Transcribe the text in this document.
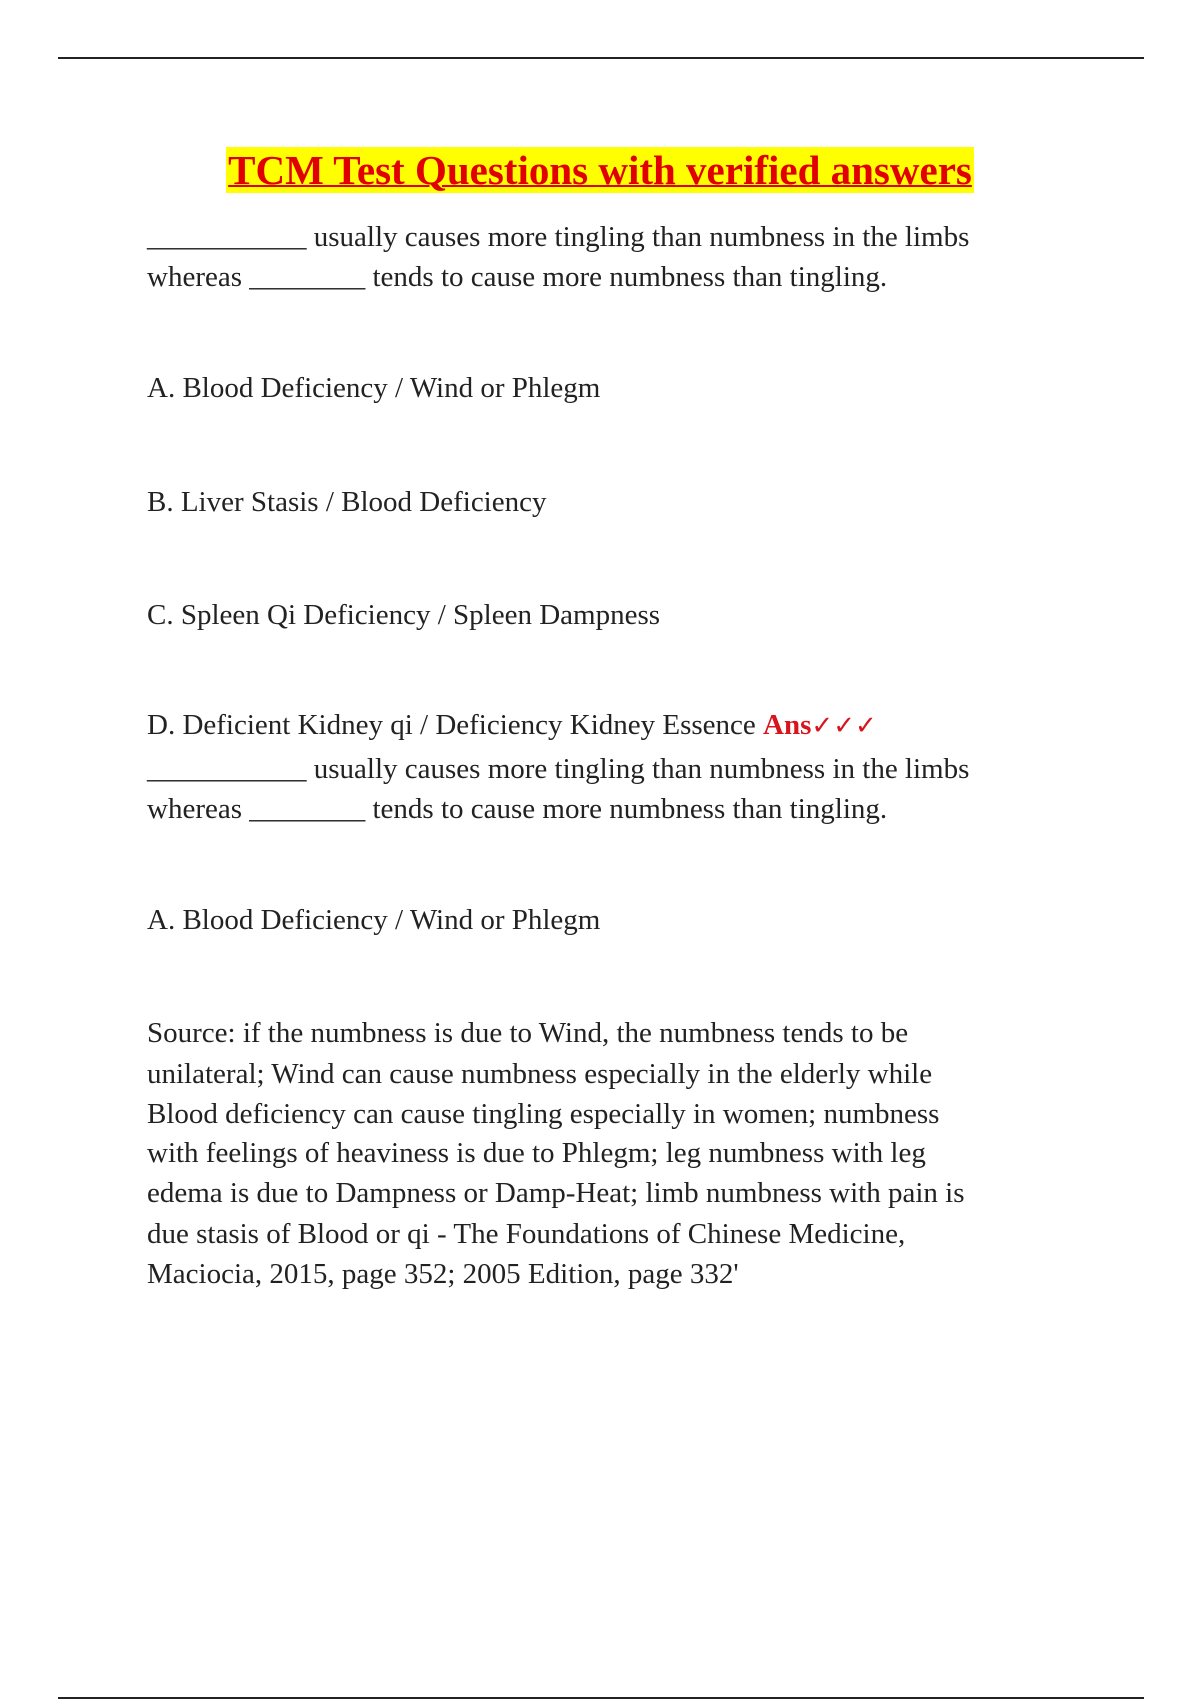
TCM Test Questions with verified answers
___________ usually causes more tingling than numbness in the limbs
whereas ________ tends to cause more numbness than tingling.
A. Blood Deficiency / Wind or Phlegm
B. Liver Stasis / Blood Deficiency
C. Spleen Qi Deficiency / Spleen Dampness
D. Deficient Kidney qi / Deficiency Kidney Essence Ans✓✓✓
___________ usually causes more tingling than numbness in the limbs
whereas ________ tends to cause more numbness than tingling.
A. Blood Deficiency / Wind or Phlegm
Source: if the numbness is due to Wind, the numbness tends to be
unilateral; Wind can cause numbness especially in the elderly while
Blood deficiency can cause tingling especially in women; numbness
with feelings of heaviness is due to Phlegm; leg numbness with leg
edema is due to Dampness or Damp-Heat; limb numbness with pain is
due stasis of Blood or qi - The Foundations of Chinese Medicine,
Maciocia, 2015, page 352; 2005 Edition, page 332'
